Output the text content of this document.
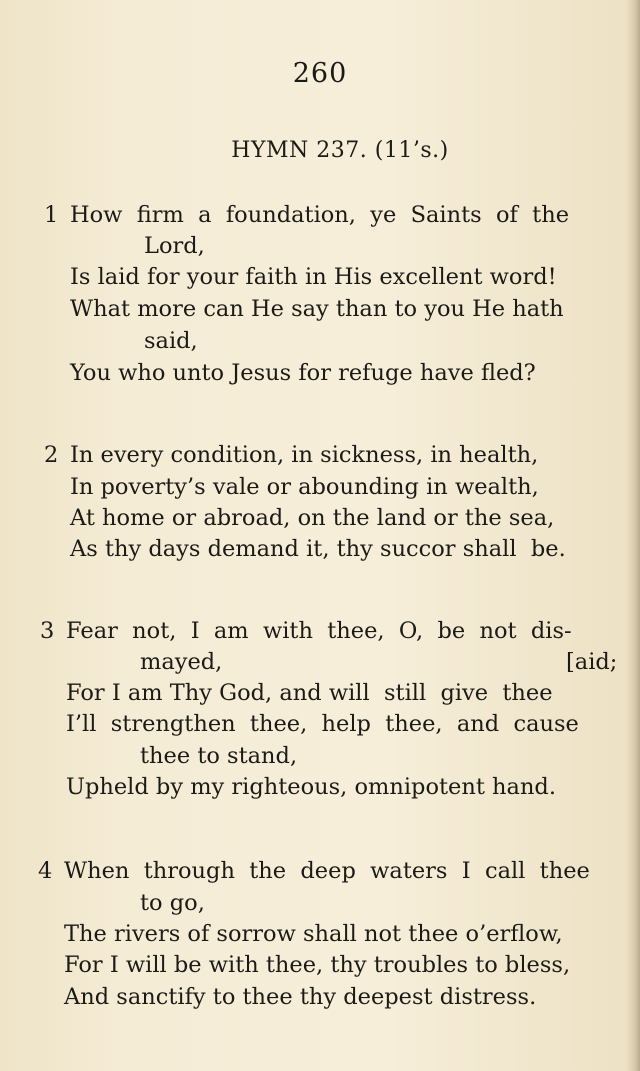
260
HYMN 237. (11’s.)
1 How  firm  a  foundation,  ye  Saints  of  the
Lord,
Is laid for your faith in His excellent word!
What more can He say than to you He hath
said,
You who unto Jesus for refuge have fled?
2 In every condition, in sickness, in health,
In poverty’s vale or abounding in wealth,
At home or abroad, on the land or the sea,
As thy days demand it, thy succor shall  be.
3 Fear  not,  I  am  with  thee,  O,  be  not  dis-
mayed,	[aid;
For I am Thy God, and will  still  give  thee
I’ll  strengthen  thee,  help  thee,  and  cause
thee to stand,
Upheld by my righteous, omnipotent hand.
4 When  through  the  deep  waters  I  call  thee
to go,
The rivers of sorrow shall not thee o’erflow,
For I will be with thee, thy troubles to bless,
And sanctify to thee thy deepest distress.
